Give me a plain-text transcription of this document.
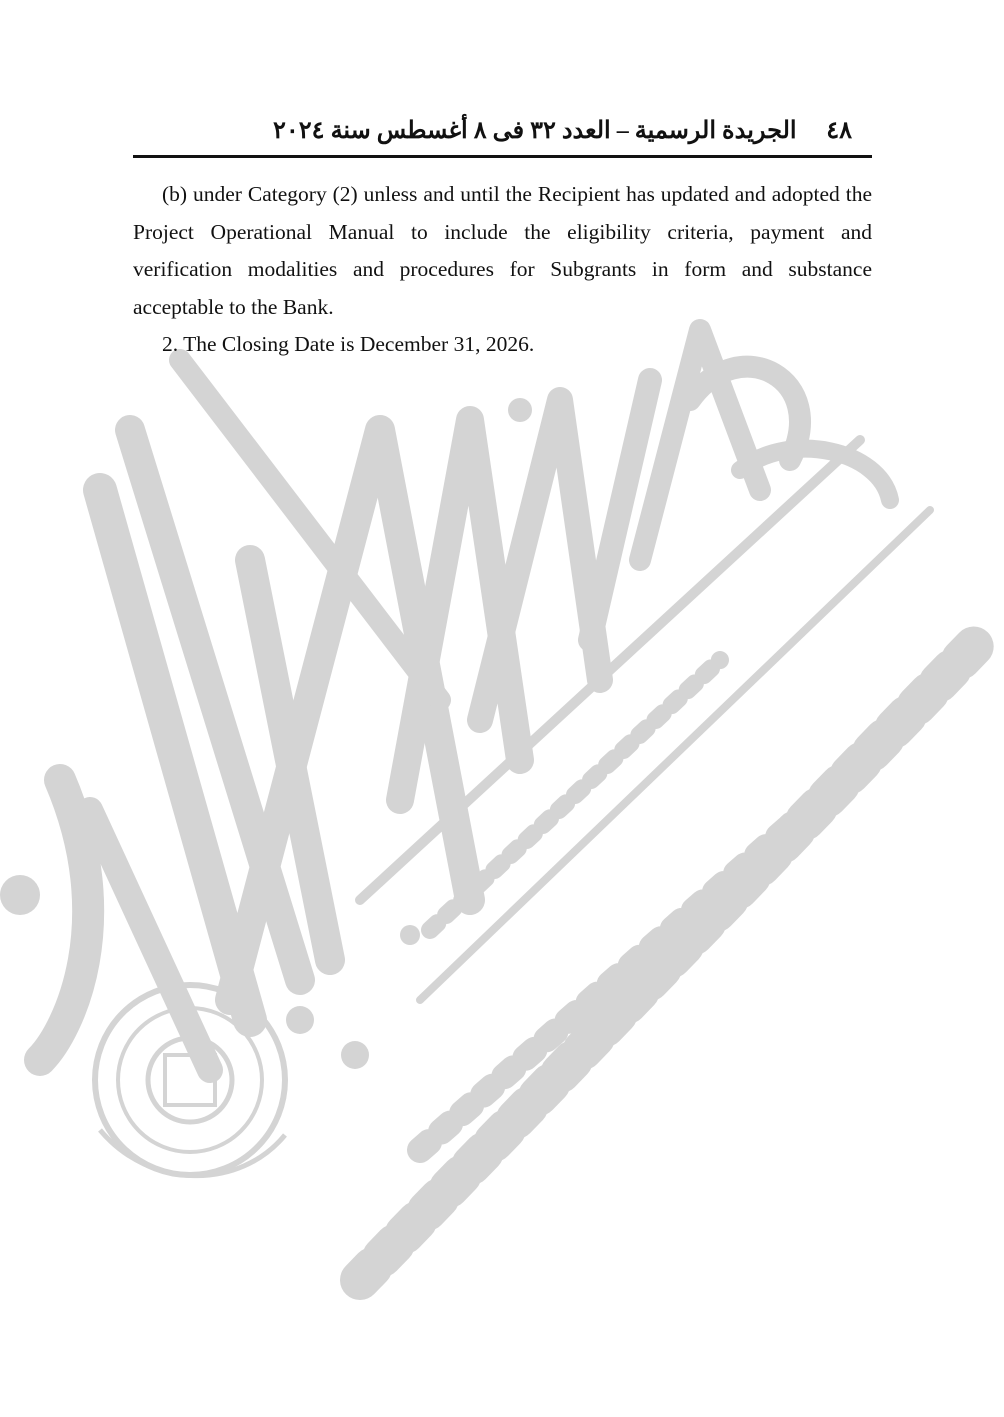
الجريدة الرسمية – العدد ٣٢ فى ٨ أغسطس سنة ٢٠٢٤ ٤٨

(b) under Category (2) unless and until the Recipient has updated and adopted the Project Operational Manual to include the eligibility criteria, payment and verification modalities and procedures for Subgrants in form and substance acceptable to the Bank.

2. The Closing Date is December 31, 2026.
